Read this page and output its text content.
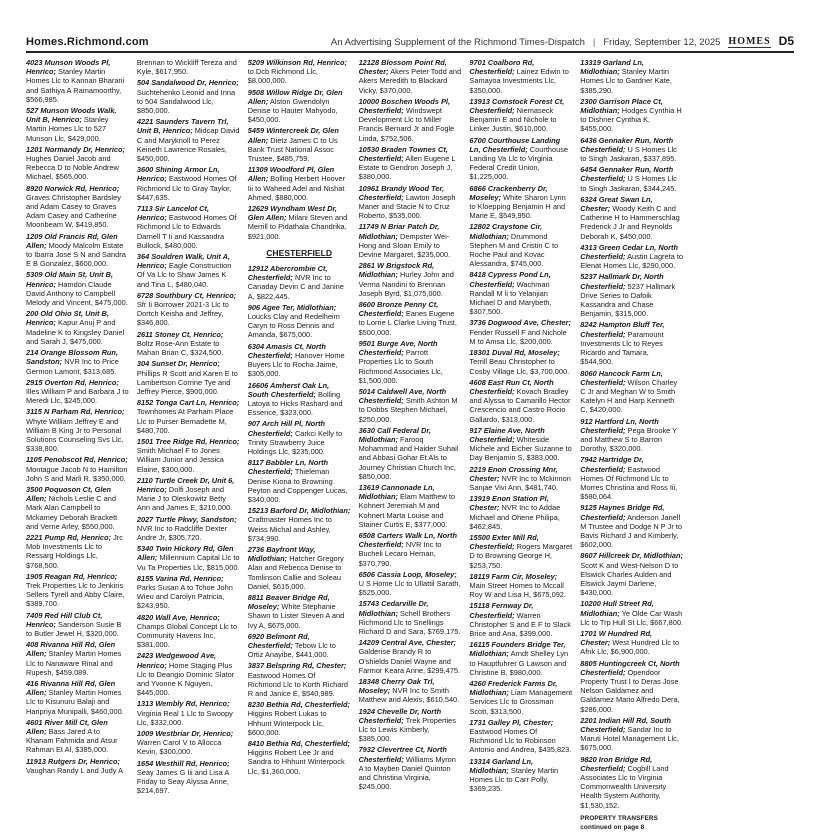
Homes.Richmond.com	An Advertising Supplement of the Richmond Times-Dispatch | Friday, September 12, 2025 HOMES D5
4023 Munson Woods Pl, Henrico; Stanley Martin Homes Llc to Kannan Bharani and Sathiya A Ramamoorthy, $566,985.
527 Munson Woods Walk, Unit B, Henrico; Stanley Martin Homes Llc to 527 Munson Llc, $429,000.
1201 Normandy Dr, Henrico; Hughes Daniel Jacob and Rebecca D to Noble Andrew Michael, $565,000.
8920 Norwick Rd, Henrico; Graves Christopher Bardsley and Adam Casey to Graves Adam Casey and Catherine Moonbeam W, $419,850.
1209 Old Francis Rd, Glen Allen; Moody Malcolm Estate to Ibarra Jose S N and Sandra E B Gonzalez, $600,000.
5309 Old Main St, Unit B, Henrico; Hamdon Claude David Anthony to Campbell Melody and Vincent, $475,000.
200 Old Ohio St, Unit B, Henrico; Kapur Anuj P and Madeline K to Kingsley Daniel and Sarah J, $475,000.
214 Orange Blossom Run, Sandston; NVR Inc to Price Germon Lamont, $313,685.
2915 Overton Rd, Henrico; Illes William P and Barbara J to Meredi Llc, $245,000.
3115 N Parham Rd, Henrico; Whyte William Jeffrey E and William B King Jr to Personal Solutions Counseling Svs Llc, $338,800.
1105 Penobscot Rd, Henrico; Montague Jacob N to Hamilton John S and Marli R, $350,000.
3500 Poquoson Ct, Glen Allen; Nichols Leslie C and Mark Alan Campbell to Mckamey Deborah Brackett and Verne Arley, $550,000.
2221 Pump Rd, Henrico; Jrc Mob Investments Llc to Ressarg Holdings Llc, $768,500.
1905 Reagan Rd, Henrico; Trek Properties Llc to Jenkins Sellers Tyrell and Abby Claire, $389,700.
7409 Red Hill Club Ct, Henrico; Sanderson Susie B to Butler Jewel H, $320,000.
408 Rivanna Hill Rd, Glen Allen; Stanley Martin Homes Llc to Nanaware Rinal and Rupesh, $459,089.
416 Rivanna Hill Rd, Glen Allen; Stanley Martin Homes Llc to Kisunuru Balaji and Haripriya Munipalli, $460,000.
4601 River Mill Ct, Glen Allen; Bass Jared A to Khanam Fahmida and Atsur Rahman Et Al, $385,000.
11913 Rutgers Dr, Henrico; Vaughan Randy L and Judy A
Brennan to Wickliff Tereza and Kyle, $617,950.
504 Sandalwood Dr, Henrico; Suchtehenko Leonid and Irina to 504 Sandalwood Llc, $850,000.
4221 Saunders Tavern Trl, Unit B, Henrico; Midcap David C and Maryknoll to Perez Keineth Lawrence Rosales, $450,000.
3600 Shining Armor Ln, Henrico; Eastwood Homes Of Richmond Llc to Gray Taylor, $447,635.
7113 Sir Lancelot Ct, Henrico; Eastwood Homes Of Richmond Llc to Edwards Darnell T Ii and Kassandra Bullock, $480,000.
364 Souldren Walk, Unit A, Henrico; Eagle Construction Of Va Llc to Shaw James K and Tina L, $480,040.
6728 Southbury Ct, Henrico; Sfr Ii Borrower 2021-3 Llc to Dortch Keisha and Jeffrey, $346,800.
2611 Stoney Ct, Henrico; Boltz Rose-Ann Estate to Mahan Brian C, $324,500.
304 Sunset Dr, Henrico; Phillips R Scott and Karen E to Lambertson Corrine Tye and Jeffrey Pierce, $900,000.
8152 Tonga Cart Ln, Henrico; Townhomes At Parham Place Llc to Purser Bernadette M, $480,700.
1501 Tree Ridge Rd, Henrico; Smith Michael F to Jones William Junior and Jessica Elaine, $300,000.
2110 Turtle Creek Dr, Unit 6, Henrico; Dolfi Joseph and Marie J to Oleskowitz Betty Ann and James E, $210,000.
2027 Turtle Pkwy, Sandston; NVR Inc to Radcliffe Dexter Andre Jr, $305,720.
5340 Twin Hickory Rd, Glen Allen; Millennium Capital Llc to Vu Ta Properties Llc, $815,000.
8155 Varina Rd, Henrico; Parks Susan A to Tchoe John Wieu and Carolyn Patricia, $243,950.
4820 Wall Ave, Henrico; Champs Global Concept Llc to Community Havens Inc, $381,000.
2423 Wedgewood Ave, Henrico; Home Staging Plus Llc to Deangio Dominic Slator and Yvonne K Nguyen, $445,000.
1313 Wembly Rd, Henrico; Virginia Real 1 Llc to Swoopy Llc, $332,000.
1009 Westbriar Dr, Henrico; Warren Carol V to Allocca Kevin, $300,000.
1654 Westhill Rd, Henrico; Seay James G Iii and Lisa A Friday to Seay Alyssa Anne, $214,697.
5209 Wilkinson Rd, Henrico; to Dcb Richmond Llc, $8,000,000.
9508 Willow Ridge Dr, Glen Allen; Alston Gwendolyn Denise to Hauter Mahyodo, $450,000.
5459 Wintercreek Dr, Glen Allen; Dietz James C to Us Bank Trust National Assoc Trustee, $485,759.
11309 Woodford Pl, Glen Allen; Bolling Herbert Hoover Iii to Waheed Adel and Nishat Ahmed, $880,000.
12629 Wyndham West Dr, Glen Allen; Milani Steven and Merrill to Pidathala Chandrika, $921,000.
CHESTERFIELD
12912 Abercrombie Ct, Chesterfield; NVR Inc to Canaday Devin C and Janine A, $822,445.
906 Agee Ter, Midlothian; Loucks Clay and Redelheim Caryn to Ross Dennis and Amanda, $675,000.
6304 Amasis Ct, North Chesterfield; Hanover Home Buyers Llc to Rocha Jaime, $305,000.
16606 Amherst Oak Ln, South Chesterfield; Bolling Latoya to Hicks Rashard and Essence, $323,000.
907 Arch Hill Pl, North Chesterfield; Carkci Kelly to Trinity Strawberry Juice Holdings Llc, $235,000.
8117 Babbler Ln, North Chesterfield; Thieleman Denise Kiona to Browning Peyton and Coppenger Lucas, $340,000.
15213 Barford Dr, Midlothian; Craftmaster Homes Inc to Weiss Michal and Ashley, $734,990.
2736 Bayfront Way, Midlothian; Hatcher Gregory Alan and Rebecca Denise to Tomlinson Callie and Soleau Daniel, $615,000.
8811 Beaver Bridge Rd, Moseley; White Stephanie Shawn to Lister Steven A and Ivy A, $675,000.
6920 Belmont Rd, Chesterfield; Tebow Llc to Ortiz Anayibe, $441,000.
3837 Belspring Rd, Chester; Eastwood Homes Of Richmond Llc to Korth Richard R and Janice E, $540,989.
8230 Bethia Rd, Chesterfield; Higgins Robert Lukas to Hhhunt Winterpock Llc, $600,000.
8410 Bethia Rd, Chesterfield; Higgins Robert Lee Jr and Sandra to Hhhunt Winterpock Llc, $1,360,000.
12128 Blossom Point Rd, Chester; Akers Peter Todd and Akers Meredith to Blackard Vicky, $370,000.
10000 Boschen Woods Pl, Chesterfield; Windswept Development Llc to Miller Francis Bernard Jr and Fogle Linda, $752,506.
10530 Braden Townes Ct, Chesterfield; Allen Eugene L Estate to Gendron Joseph J, $380,000.
10961 Brandy Wood Ter, Chesterfield; Lawton Joseph Maner and Stacie N to Cruz Roberto, $535,000.
11749 N Briar Patch Dr, Midlothian; Dempster Wei-Hong and Sloan Emily to Devine Margaret, $235,000.
2861 W Brigstock Rd, Midlothian; Hurley John and Verma Nandini to Brennan Joseph Byrd, $1,075,000.
8600 Bronze Penny Ct, Chesterfield; Eanes Eugene to Lorrie L Clarke Living Trust, $500,000.
9501 Burge Ave, North Chesterfield; Parrott Properties Llc to South Richmond Associates Llc, $1,500,000.
5014 Caldwell Ave, North Chesterfield; Smith Ashton M to Dobbs Stephen Michael, $250,000.
3630 Call Federal Dr, Midlothian; Farooq Mohammad and Haider Suhail and Abbasi Gohar Et Als to Journey Christian Church Inc, $850,000.
13619 Cannonade Ln, Midlothian; Elam Matthew to Kohnert Jeremiah M and Kohnert Marta Louise and Stainer Curtis E, $377,000.
6508 Carters Walk Ln, North Chesterfield; NVR Inc to Bucheli Lecaro Hernan, $370,790.
6506 Cassia Loop, Moseley; U S Home Llc to Ullattil Sarath, $525,000.
15743 Cedarville Dr, Midlothian; Schell Brothers Richmond Llc to Snellings Richard D and Sara, $769,175.
14209 Central Ave, Chester; Galderise Brandy R to O'shields Daniel Wayne and Farmor Keara Anne, $299,475.
18348 Cherry Oak Trl, Moseley; NVR Inc to Smith Matthew and Alexis, $610,540.
1924 Chevelle Dr, North Chesterfield; Trek Properties Llc to Lewis Kimberly, $385,000.
7932 Clevertree Ct, North Chesterfield; Williams Myron A to Mayben Daniel Quinton and Christina Virginia, $245,000.
9701 Coalboro Rd, Chesterfield; Lainez Edwin to Samayoa Investments Llc, $350,000.
13913 Comstock Forest Ct, Chesterfield; Niemaseck Benjamin E and Nichole to Linker Justin, $610,000.
6700 Courthouse Landing Ln, Chesterfield; Courthouse Landing Va Llc to Virginia Federal Credit Union, $1,225,000.
6866 Crackenberry Dr, Moseley; White Sharon Lynn to Kloepping Benjamin H and Marie E, $549,950.
12802 Craystone Cir, Midlothian; Drummond Stephen M and Cristin C to Roche Paul and Kovac Alessandra, $745,000.
8418 Cypress Pond Ln, Chesterfield; Wachman Randall M li to Yelanjian Michael D and Marybeth, $307,500.
3736 Dogwood Ave, Chester; Fender Russell F and Nichole M to Amsa Llc, $200,000.
18301 Duval Rd, Moseley; Terrill Beau Christopher to Cosby Village Llc, $3,700,000.
4608 East Run Ct, North Chesterfield; Kovach Bradley and Alyssa to Camarillo Hector Crescencio and Castro Rocio Gallardo, $313,000.
917 Elaine Ave, North Chesterfield; Whiteside Michele and Eicher Suzanne to Day Benjamin S, $383,000.
2219 Enon Crossing Mnr, Chester; NVR Inc to Mckinnon Sanjae Vivi Ann, $481,740.
13919 Enon Station Pl, Chester; NVR Inc to Addae Michael and Ohene Philipa, $462,845.
15500 Exter Mill Rd, Chesterfield; Rogers Margaret D to Browning George H, $253,750.
18119 Farm Cir, Moseley; Main Street Homes to Mccall Roy W and Lisa H, $675,092.
15118 Fernway Dr, Chesterfield; Warren Christopher S and E F to Slack Brice and Ana, $399,000.
16115 Founders Bridge Ter, Midlothian; Arndt Shelley Lyn to Hauptfuhrer G Lawson and Christine B, $980,000.
4260 Frederick Farms Dr, Midlothian; Liam Management Services Llc to Grossman Scott, $313,500.
1731 Galley Pl, Chester; Eastwood Homes Of Richmond Llc to Robinson Antonio and Andrea, $435,823.
13314 Garland Ln, Midlothian; Stanley Martin Homes Llc to Carr Polly, $369,235.
13319 Garland Ln, Midlothian; Stanley Martin Homes Llc to Gardner Kate, $385,290.
2300 Garrison Place Ct, Midlothian; Hodges Cynthia H to Dishner Cynthia K, $455,000.
6436 Gennaker Run, North Chesterfield; U S Homes Llc to Singh Jaskaran, $337,895.
6454 Gennaker Run, North Chesterfield; U S Homes Llc to Singh Jaskaran, $344,245.
6324 Great Swan Ln, Chester; Woody Keith C and Catherine H to Hammerschlag Frederick J Jr and Reynolds Deborah K, $450,000.
4313 Green Cedar Ln, North Chesterfield; Austin Lagreta to Elenat Homes Llc, $290,000.
5237 Hallmark Dr, North Chesterfield; 5237 Hallmark Drive Series to Dafoik Kassandra and Chase Benjamin, $315,000.
8242 Hampton Bluff Ter, Chesterfield; Paramount Investments Llc to Reyes Ricardo and Tamara, $544,900.
8060 Hancock Farm Ln, Chesterfield; Wilson Charley C Jr and Meghan W to Smith Katelyn H and Harp Kenneth C, $420,000.
912 Hartford Ln, North Chesterfield; Pega Brooke Y and Matthew S to Barron Dorothy, $320,000.
7942 Hartridge Dr, Chesterfield; Eastwood Homes Of Richmond Llc to Morres Christina and Ross Iii, $580,064.
9125 Haynes Bridge Rd, Chesterfield; Anderson Janell M Trustee and Dodge N P Jr to Bavis Richard J and Kimberly, $602,000.
8607 Hillcreek Dr, Midlothian; Scott K and West-Nelson D to Elswick Charles Aulden and Elswick Jaymi Darlene, $430,000.
10200 Hull Street Rd, Midlothian; Ye Olde Car Wash Llc to Trp Hull St Llc, $667,800.
1701 W Hundred Rd, Chester; West Hundred Llc to Afnk Llc, $6,900,000.
8805 Huntingcreek Ct, North Chesterfield; Opendoor Property Trust I to Deras Jose Nelson Galdamez and Galdamez Mario Alfredo Dera, $286,000.
2201 Indian Hill Rd, South Chesterfield; Sandar Inc to Maruti Hotel Management Llc, $675,000.
9820 Iron Bridge Rd, Chesterfield; Cogbill Land Associates Llc to Virginia Commonwealth University Health System Authority, $1,530,152.
PROPERTY TRANSFERS continued on page 8
